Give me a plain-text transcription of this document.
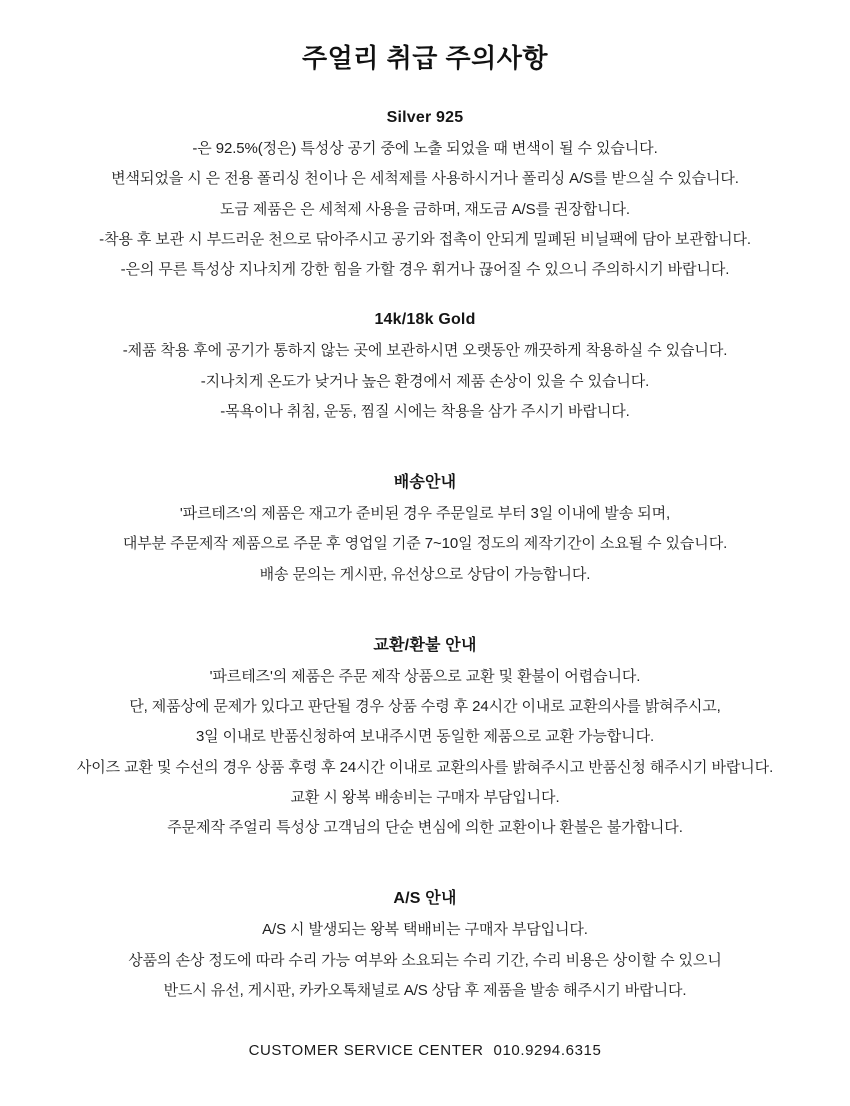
주얼리 취급 주의사항
Silver 925

-은 92.5%(정은) 특성상 공기 중에 노출 되었을 때 변색이 될 수 있습니다.

변색되었을 시 은 전용 폴리싱 천이나 은 세척제를 사용하시거나 폴리싱 A/S를 받으실 수 있습니다.

도금 제품은 은 세척제 사용을 금하며, 재도금 A/S를 권장합니다.

-착용 후 보관 시 부드러운 천으로 닦아주시고 공기와 접촉이 안되게 밀폐된 비닐팩에 담아 보관합니다.

-은의 무른 특성상 지나치게 강한 힘을 가할 경우 휘거나 끊어질 수 있으니 주의하시기 바랍니다.

14k/18k Gold

-제품 착용 후에 공기가 통하지 않는 곳에 보관하시면 오랫동안 깨끗하게 착용하실 수 있습니다.

-지나치게 온도가 낮거나 높은 환경에서 제품 손상이 있을 수 있습니다.

-목욕이나 취침, 운동, 찜질 시에는 착용을 삼가 주시기 바랍니다.

배송안내

'파르테즈'의 제품은 재고가 준비된 경우 주문일로 부터 3일 이내에 발송 되며,

대부분 주문제작 제품으로 주문 후 영업일 기준 7~10일 정도의 제작기간이 소요될 수 있습니다.

배송 문의는 게시판, 유선상으로 상담이 가능합니다.

교환/환불 안내

'파르테즈'의 제품은 주문 제작 상품으로 교환 및 환불이 어렵습니다.

단, 제품상에 문제가 있다고 판단될 경우 상품 수령 후 24시간 이내로 교환의사를 밝혀주시고,

3일 이내로 반품신청하여 보내주시면 동일한 제품으로 교환 가능합니다.

사이즈 교환 및 수선의 경우 상품 후령 후 24시간 이내로 교환의사를 밝혀주시고 반품신청 해주시기 바랍니다.

교환 시 왕복 배송비는 구매자 부담입니다.

주문제작 주얼리 특성상 고객님의 단순 변심에 의한 교환이나 환불은 불가합니다.

A/S 안내

A/S 시 발생되는 왕복 택배비는 구매자 부담입니다.

상품의 손상 정도에 따라 수리 가능 여부와 소요되는 수리 기간, 수리 비용은 상이할 수 있으니

반드시 유선, 게시판, 카카오톡채널로 A/S 상담 후 제품을 발송 해주시기 바랍니다.

CUSTOMER SERVICE CENTER 010.9294.6315
